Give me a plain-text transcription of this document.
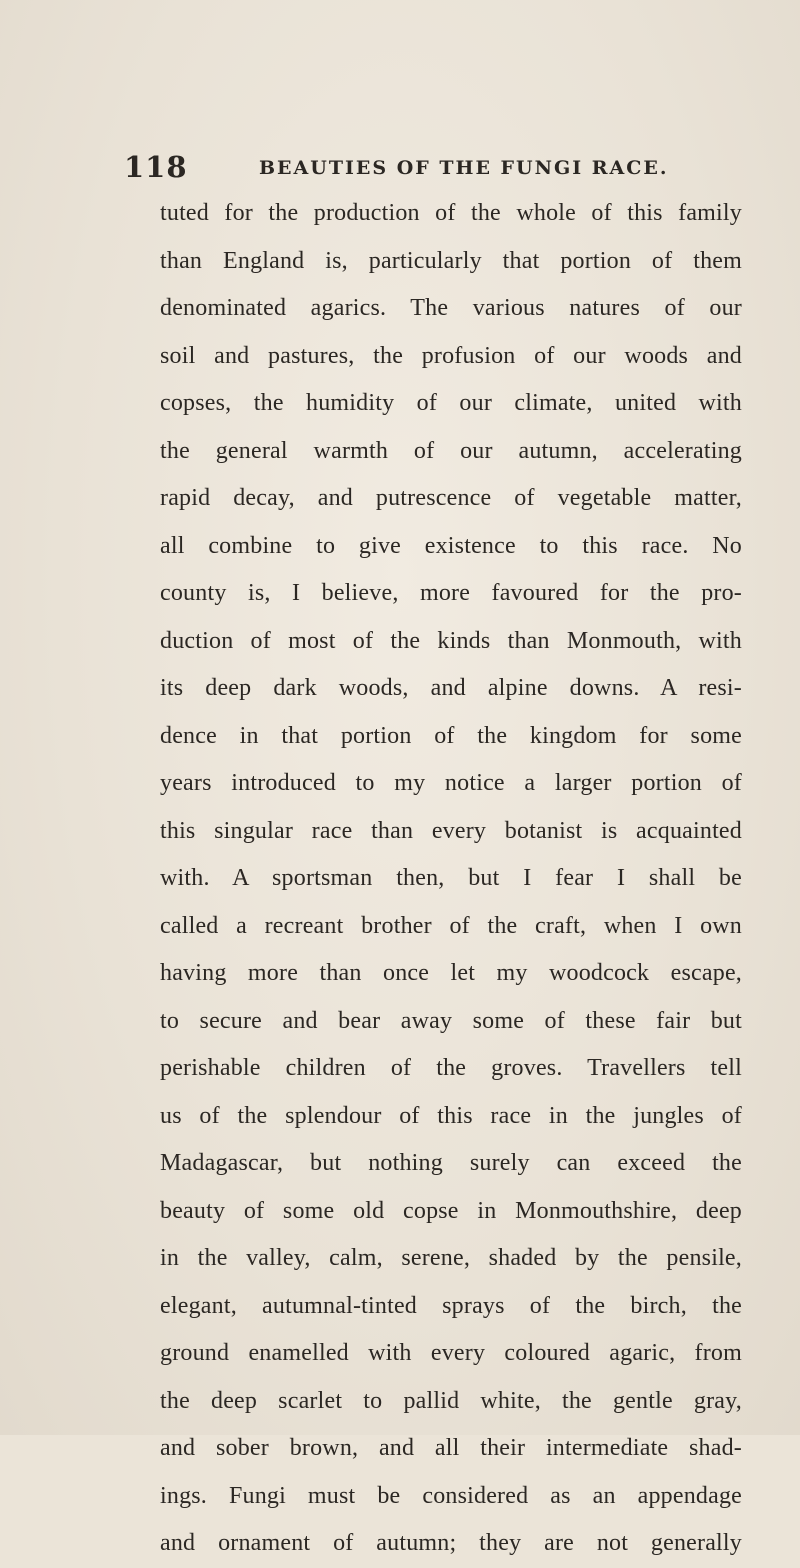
118	BEAUTIES OF THE FUNGI RACE.
tuted for the production of the whole of this family
than England is, particularly that portion of them
denominated agarics. The various natures of our
soil and pastures, the profusion of our woods and
copses, the humidity of our climate, united with
the general warmth of our autumn, accelerating
rapid decay, and putrescence of vegetable matter,
all combine to give existence to this race. No
county is, I believe, more favoured for the pro-
duction of most of the kinds than Monmouth, with
its deep dark woods, and alpine downs. A resi-
dence in that portion of the kingdom for some
years introduced to my notice a larger portion of
this singular race than every botanist is acquainted
with. A sportsman then, but I fear I shall be
called a recreant brother of the craft, when I own
having more than once let my woodcock escape,
to secure and bear away some of these fair but
perishable children of the groves. Travellers tell
us of the splendour of this race in the jungles of
Madagascar, but nothing surely can exceed the
beauty of some old copse in Monmouthshire, deep
in the valley, calm, serene, shaded by the pensile,
elegant, autumnal-tinted sprays of the birch, the
ground enamelled with every coloured agaric, from
the deep scarlet to pallid white, the gentle gray,
and sober brown, and all their intermediate shad-
ings. Fungi must be considered as an appendage
and ornament of autumn; they are not generally
